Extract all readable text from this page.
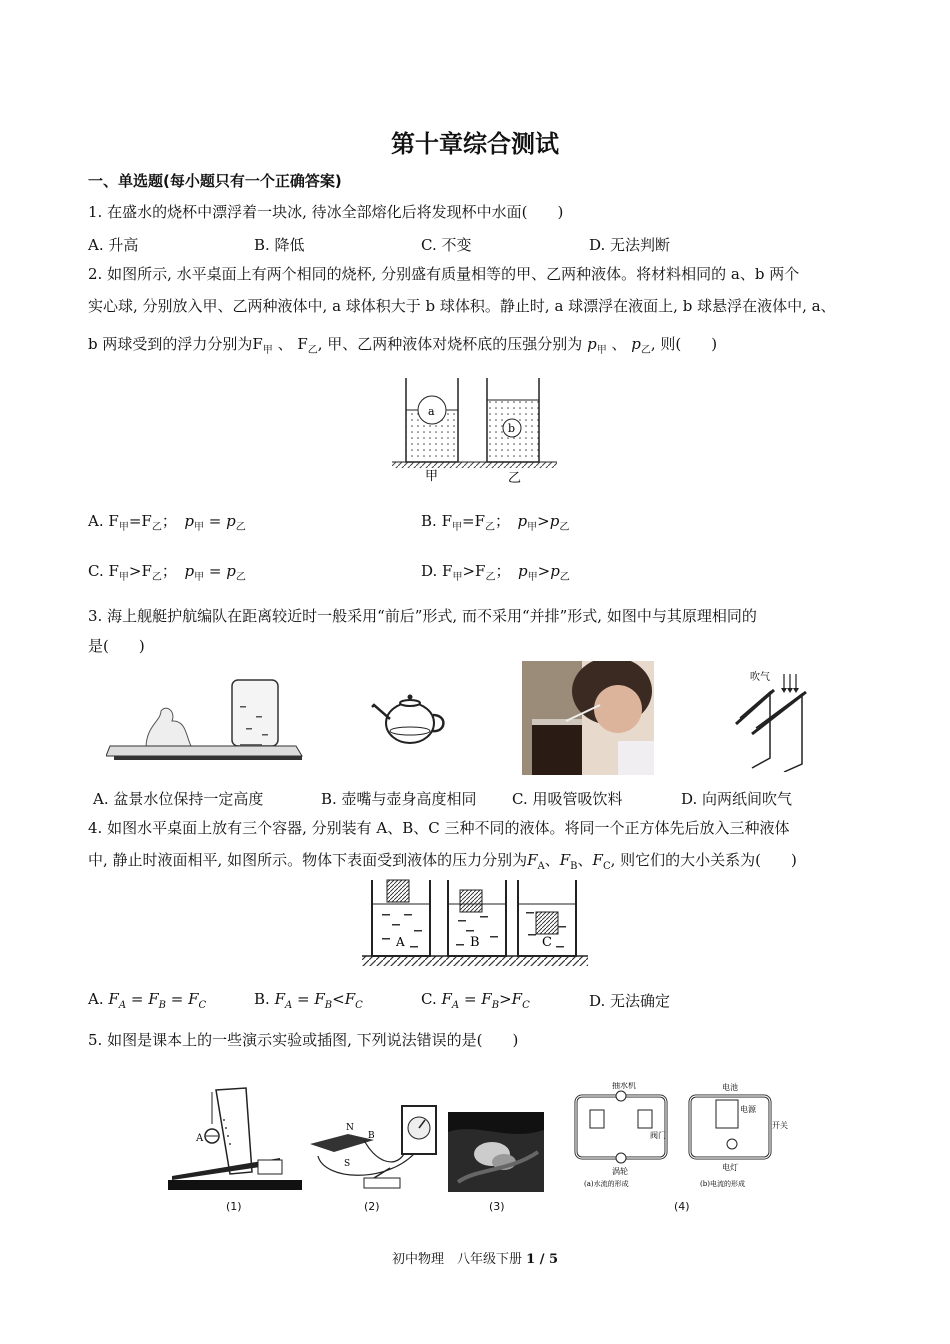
第十章综合测试
一、单选题(每小题只有一个正确答案)
1. 在盛水的烧杯中漂浮着一块冰, 待冰全部熔化后将发现杯中水面(　　)
A. 升高	B. 降低	C. 不变	D. 无法判断
2. 如图所示, 水平桌面上有两个相同的烧杯, 分别盛有质量相等的甲、乙两种液体。将材料相同的 a、b 两个
实心球, 分别放入甲、乙两种液体中, a 球体积大于 b 球体积。静止时, a 球漂浮在液面上, b 球悬浮在液体中, a、
b 两球受到的浮力分别为$F_甲$ 、 $F_乙$, 甲、乙两种液体对烧杯底的压强分别为 $p_甲$ 、 $p_乙$, 则(　　)
a
b
甲	乙
A. $F_甲=F_乙$；　 $p_甲 = p_乙$	B. $F_甲=F_乙$；　 $p_甲>p_乙$
C. $F_甲>F_乙$；　 $p_甲 = p_乙$	D. $F_甲>F_乙$；　 $p_甲>p_乙$
3. 海上舰艇护航编队在距离较近时一般采用“前后”形式, 而不采用“并排”形式, 如图中与其原理相同的
是(　　)
吹气
A. 盆景水位保持一定高度	B. 壶嘴与壶身高度相同 C. 用吸管吸饮料	D. 向两纸间吹气
4. 如图水平桌面上放有三个容器, 分别装有 A、B、C 三种不同的液体。将同一个正方体先后放入三种液体
中, 静止时液面相平, 如图所示。物体下表面受到液体的压力分别为$F_A$、$F_B$、$F_C$, 则它们的大小关系为(　　)
A	B	C
A. $F_A = F_B = F_C$	B. $F_A = F_B<F_C$	C. $F_A = F_B>F_C$	D. 无法确定
5. 如图是课本上的一些演示实验或插图, 下列说法错误的是(　　)
A
N
S
B
抽水机
阀门
涡轮
(a)水流的形成
电池
电源
开关
电灯
(b)电流的形成
(1)	(2)	(3)	(4)
初中物理　八年级下册 1 / 5
